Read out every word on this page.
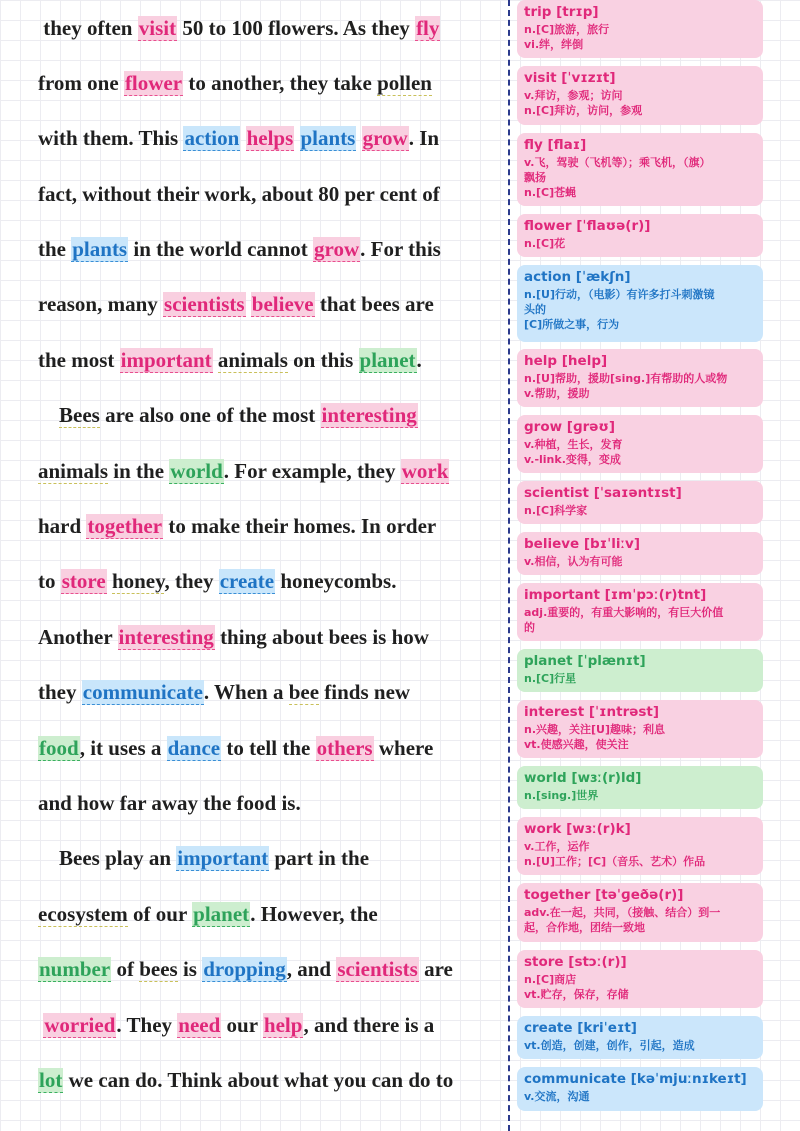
they often visit 50 to 100 flowers. As they fly
from one flower to another, they take pollen
with them. This action helps plants grow. In
fact, without their work, about 80 per cent of
the plants in the world cannot grow. For this
reason, many scientists believe that bees are
the most important animals on this planet.
Bees are also one of the most interesting
animals in the world. For example, they work
hard together to make their homes. In order
to store honey, they create honeycombs.
Another interesting thing about bees is how
they communicate. When a bee finds new
food, it uses a dance to tell the others where
and how far away the food is.
Bees play an important part in the
ecosystem of our planet. However, the
number of bees is dropping, and scientists are
worried. They need our help, and there is a
lot we can do. Think about what you can do to
trip [trɪp]
n.[C]旅游，旅行
vi.绊，绊倒
visit [ˈvɪzɪt]
v.拜访，参观；访问
n.[C]拜访，访问，参观
fly [flaɪ]
v.飞，驾驶（飞机等）；乘飞机，（旗）
飘扬
n.[C]苍蝇
flower [ˈflaʊə(r)]
n.[C]花
action [ˈækʃn]
n.[U]行动，（电影）有许多打斗刺激镜
头的
[C]所做之事，行为
help [help]
n.[U]帮助，援助[sing.]有帮助的人或物
v.帮助，援助
grow [ɡrəʊ]
v.种植，生长，发育
v.-link.变得，变成
scientist [ˈsaɪəntɪst]
n.[C]科学家
believe [bɪˈliːv]
v.相信，认为有可能
important [ɪmˈpɔː(r)tnt]
adj.重要的，有重大影响的，有巨大价值
的
planet [ˈplænɪt]
n.[C]行星
interest [ˈɪntrəst]
n.兴趣，关注[U]趣味；利息
vt.使感兴趣，使关注
world [wɜː(r)ld]
n.[sing.]世界
work [wɜː(r)k]
v.工作，运作
n.[U]工作；[C]（音乐、艺术）作品
together [təˈɡeðə(r)]
adv.在一起，共同，（接触、结合）到一
起，合作地，团结一致地
store [stɔː(r)]
n.[C]商店
vt.贮存，保存，存储
create [kriˈeɪt]
vt.创造，创建，创作，引起，造成
communicate [kəˈmjuːnɪkeɪt]
v.交流，沟通
